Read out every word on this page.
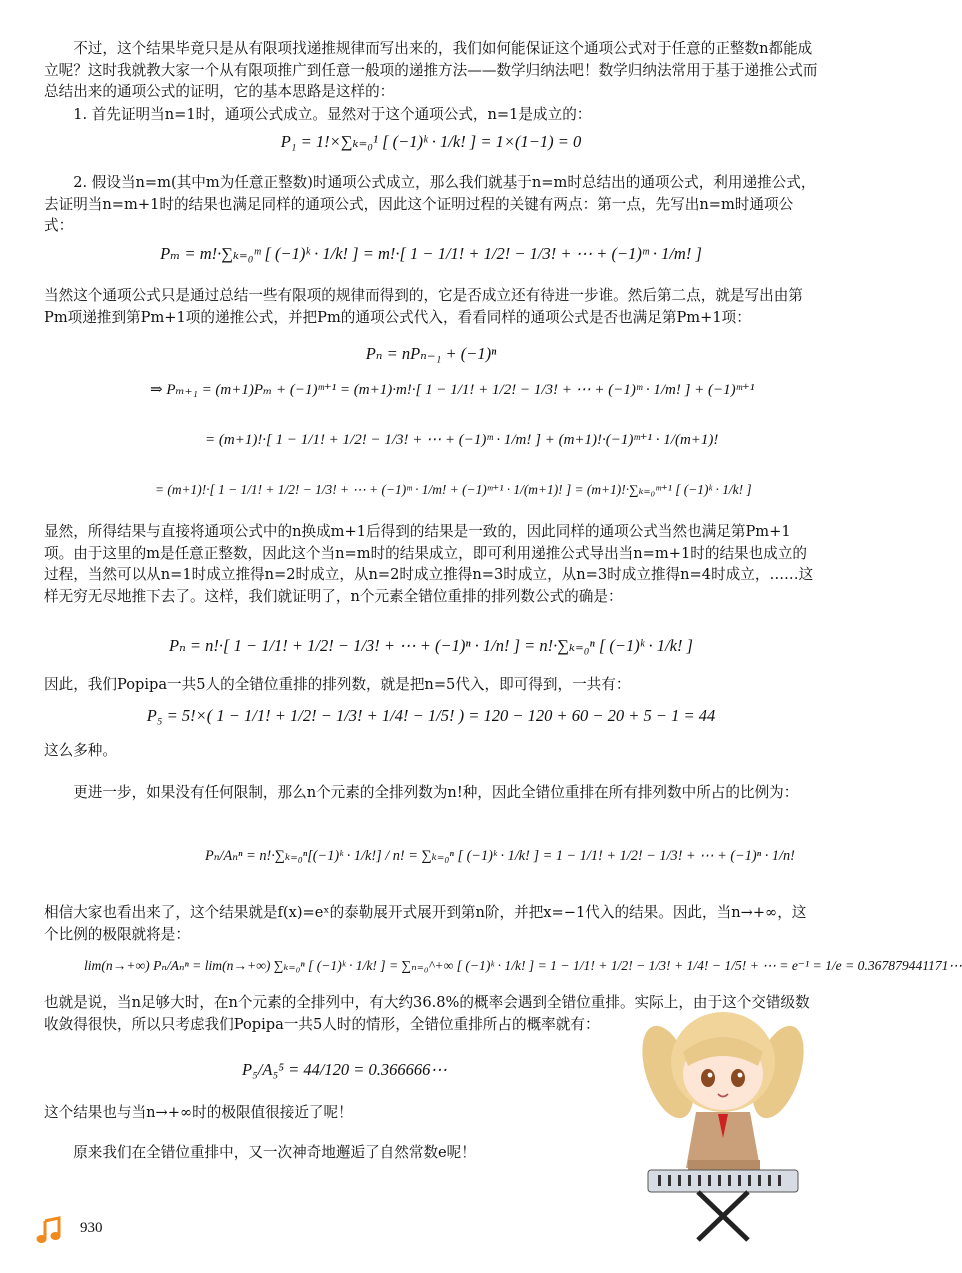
不过，这个结果毕竟只是从有限项找递推规律而写出来的，我们如何能保证这个通项公式对于任意的正整数n都能成立呢？这时我就教大家一个从有限项推广到任意一般项的递推方法——数学归纳法吧！数学归纳法常用于基于递推公式而总结出来的通项公式的证明，它的基本思路是这样的：

1. 首先证明当n=1时，通项公式成立。显然对于这个通项公式，n=1是成立的：

P₁ = 1!×∑ₖ₌₀¹ [ (−1)ᵏ · 1/k! ] = 1×(1−1) = 0

2. 假设当n=m(其中m为任意正整数)时通项公式成立，那么我们就基于n=m时总结出的通项公式，利用递推公式，去证明当n=m+1时的结果也满足同样的通项公式，因此这个证明过程的关键有两点：第一点，先写出n=m时通项公式：

Pₘ = m!·∑ₖ₌₀ᵐ [ (−1)ᵏ · 1/k! ] = m!·[ 1 − 1/1! + 1/2! − 1/3! + ⋯ + (−1)ᵐ · 1/m! ]

当然这个通项公式只是通过总结一些有限项的规律而得到的，它是否成立还有待进一步谁。然后第二点，就是写出由第Pm项递推到第Pm+1项的递推公式，并把Pm的通项公式代入，看看同样的通项公式是否也满足第Pm+1项：

Pₙ = nPₙ₋₁ + (−1)ⁿ
⇒ Pₘ₊₁ = (m+1)Pₘ + (−1)ᵐ⁺¹ = (m+1)·m!·[ 1 − 1/1! + 1/2! − 1/3! + ⋯ + (−1)ᵐ · 1/m! ] + (−1)ᵐ⁺¹
= (m+1)!·[ 1 − 1/1! + 1/2! − 1/3! + ⋯ + (−1)ᵐ · 1/m! ] + (m+1)!·(−1)ᵐ⁺¹ · 1/(m+1)!
= (m+1)!·[ 1 − 1/1! + 1/2! − 1/3! + ⋯ + (−1)ᵐ · 1/m! + (−1)ᵐ⁺¹ · 1/(m+1)! ] = (m+1)!·∑ₖ₌₀ᵐ⁺¹ [ (−1)ᵏ · 1/k! ]

显然，所得结果与直接将通项公式中的n换成m+1后得到的结果是一致的，因此同样的通项公式当然也满足第Pm+1项。由于这里的m是任意正整数，因此这个当n=m时的结果成立，即可利用递推公式导出当n=m+1时的结果也成立的过程，当然可以从n=1时成立推得n=2时成立，从n=2时成立推得n=3时成立，从n=3时成立推得n=4时成立，……这样无穷无尽地推下去了。这样，我们就证明了，n个元素全错位重排的排列数公式的确是：

Pₙ = n!·[ 1 − 1/1! + 1/2! − 1/3! + ⋯ + (−1)ⁿ · 1/n! ] = n!·∑ₖ₌₀ⁿ [ (−1)ᵏ · 1/k! ]

因此，我们Popipa一共5人的全错位重排的排列数，就是把n=5代入，即可得到，一共有：

P₅ = 5!×( 1 − 1/1! + 1/2! − 1/3! + 1/4! − 1/5! ) = 120 − 120 + 60 − 20 + 5 − 1 = 44

这么多种。

更进一步，如果没有任何限制，那么n个元素的全排列数为n!种，因此全错位重排在所有排列数中所占的比例为：

Pₙ/Aₙⁿ = n!·∑ₖ₌₀ⁿ[(−1)ᵏ · 1/k!] / n! = ∑ₖ₌₀ⁿ [ (−1)ᵏ · 1/k! ] = 1 − 1/1! + 1/2! − 1/3! + ⋯ + (−1)ⁿ · 1/n!

相信大家也看出来了，这个结果就是f(x)=eˣ的泰勒展开式展开到第n阶，并把x=−1代入的结果。因此，当n→+∞，这个比例的极限就将是：

lim(n→+∞) Pₙ/Aₙⁿ = lim(n→+∞) ∑ₖ₌₀ⁿ [ (−1)ᵏ · 1/k! ] = ∑ₙ₌₀^+∞ [ (−1)ᵏ · 1/k! ] = 1 − 1/1! + 1/2! − 1/3! + 1/4! − 1/5! + ⋯ = e⁻¹ = 1/e = 0.367879441171⋯

也就是说，当n足够大时，在n个元素的全排列中，有大约36.8%的概率会遇到全错位重排。实际上，由于这个交错级数收敛得很快，所以只考虑我们Popipa一共5人时的情形，全错位重排所占的概率就有：

P₅/A₅⁵ = 44/120 = 0.366666⋯

这个结果也与当n→+∞时的极限值很接近了呢！

原来我们在全错位重排中，又一次神奇地邂逅了自然常数e呢！

930
